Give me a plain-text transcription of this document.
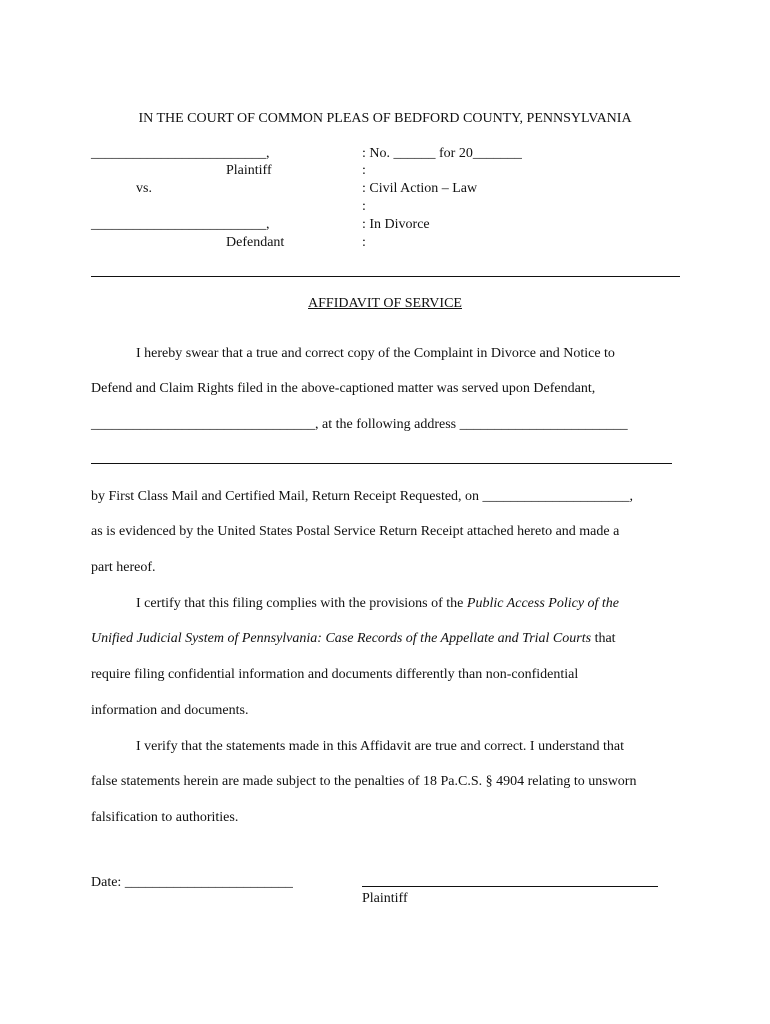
IN THE COURT OF COMMON PLEAS OF BEDFORD COUNTY, PENNSYLVANIA
_________________________,
Plaintiff
vs.
_________________________,
Defendant
: No. ______ for 20_______
:
: Civil Action – Law
:
: In Divorce
:
AFFIDAVIT OF SERVICE
I hereby swear that a true and correct copy of the Complaint in Divorce and Notice to
Defend and Claim Rights filed in the above-captioned matter was served upon Defendant,
________________________________, at the following address ________________________
by First Class Mail and Certified Mail, Return Receipt Requested, on _____________________,
as is evidenced by the United States Postal Service Return Receipt attached hereto and made a
part hereof.
I certify that this filing complies with the provisions of the Public Access Policy of the
Unified Judicial System of Pennsylvania: Case Records of the Appellate and Trial Courts that
require filing confidential information and documents differently than non-confidential
information and documents.
I verify that the statements made in this Affidavit are true and correct. I understand that
false statements herein are made subject to the penalties of 18 Pa.C.S. § 4904 relating to unsworn
falsification to authorities.
Date: ________________________
Plaintiff
